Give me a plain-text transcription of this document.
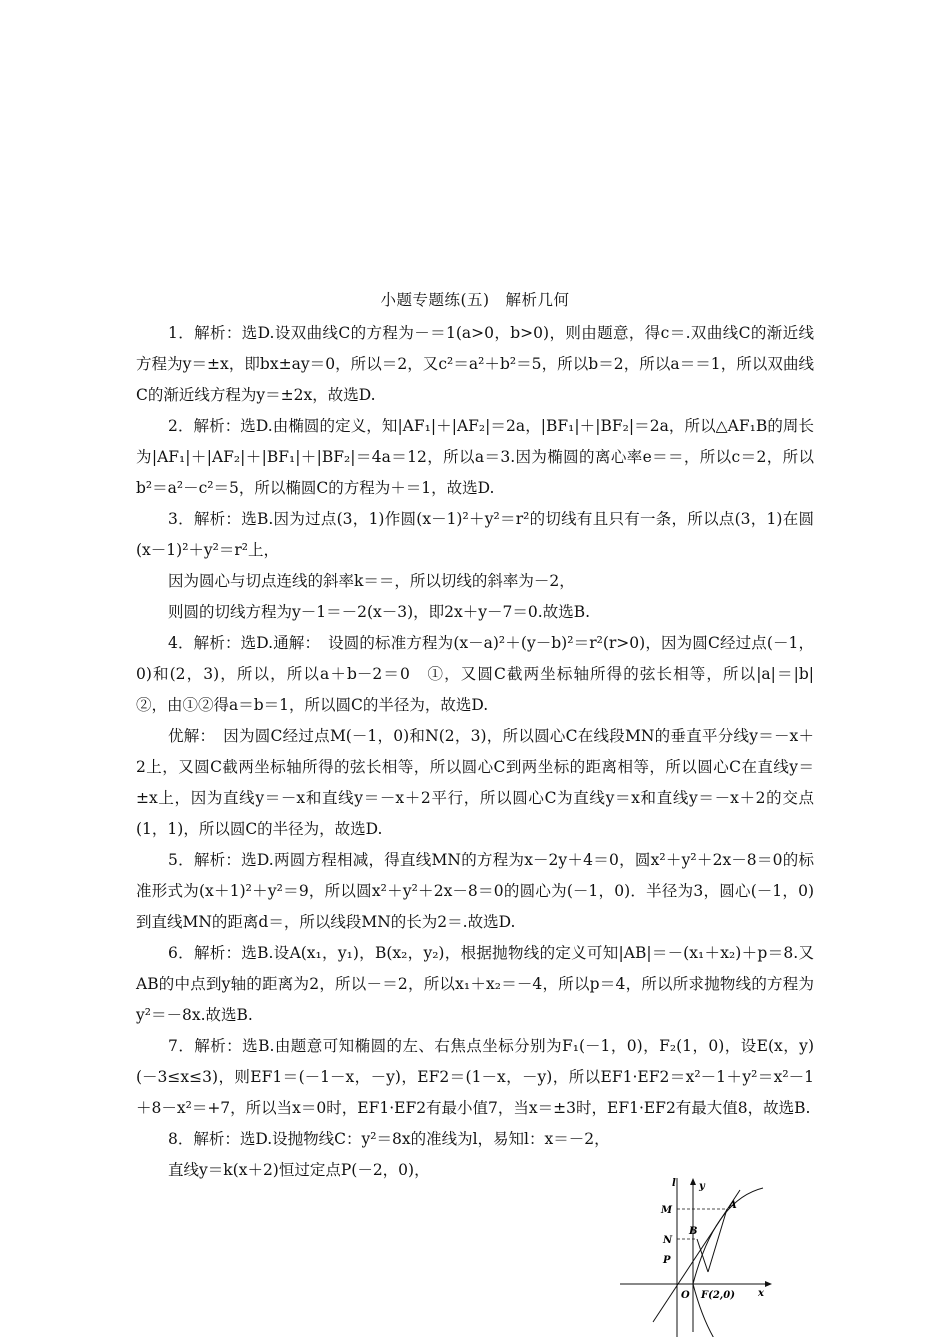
小题专题练(五)　解析几何

1．解析：选D.设双曲线C的方程为－＝1(a>0，b>0)，则由题意，得c＝.双曲线C的渐近线方程为y＝±x，即bx±ay＝0，所以＝2，又c²＝a²＋b²＝5，所以b＝2，所以a＝＝1，所以双曲线C的渐近线方程为y＝±2x，故选D.

2．解析：选D.由椭圆的定义，知|AF₁|＋|AF₂|＝2a，|BF₁|＋|BF₂|＝2a，所以△AF₁B的周长为|AF₁|＋|AF₂|＋|BF₁|＋|BF₂|＝4a＝12，所以a＝3.因为椭圆的离心率e＝＝，所以c＝2，所以b²＝a²－c²＝5，所以椭圆C的方程为＋＝1，故选D.

3．解析：选B.因为过点(3，1)作圆(x－1)²＋y²＝r²的切线有且只有一条，所以点(3，1)在圆(x－1)²＋y²＝r²上，

因为圆心与切点连线的斜率k＝＝，所以切线的斜率为－2，

则圆的切线方程为y－1＝－2(x－3)，即2x＋y－7＝0.故选B.

4．解析：选D.通解：　设圆的标准方程为(x－a)²＋(y－b)²＝r²(r>0)，因为圆C经过点(－1，0)和(2，3)，所以，所以a＋b－2＝0　①，又圆C截两坐标轴所得的弦长相等，所以|a|＝|b|　②，由①②得a＝b＝1，所以圆C的半径为，故选D.

优解：　因为圆C经过点M(－1，0)和N(2，3)，所以圆心C在线段MN的垂直平分线y＝－x＋2上，又圆C截两坐标轴所得的弦长相等，所以圆心C到两坐标的距离相等，所以圆心C在直线y＝±x上，因为直线y＝－x和直线y＝－x＋2平行，所以圆心C为直线y＝x和直线y＝－x＋2的交点(1，1)，所以圆C的半径为，故选D.

5．解析：选D.两圆方程相减，得直线MN的方程为x－2y＋4＝0，圆x²＋y²＋2x－8＝0的标准形式为(x＋1)²＋y²＝9，所以圆x²＋y²＋2x－8＝0的圆心为(－1，0)．半径为3，圆心(－1，0)到直线MN的距离d＝，所以线段MN的长为2＝.故选D.

6．解析：选B.设A(x₁，y₁)，B(x₂，y₂)，根据抛物线的定义可知|AB|＝－(x₁＋x₂)＋p＝8.又AB的中点到y轴的距离为2，所以－＝2，所以x₁＋x₂＝－4，所以p＝4，所以所求抛物线的方程为y²＝－8x.故选B.

7．解析：选B.由题意可知椭圆的左、右焦点坐标分别为F₁(－1，0)，F₂(1，0)，设E(x，y)(－3≤x≤3)，则EF1＝(－1－x，－y)，EF2＝(1－x，－y)，所以EF1·EF2＝x²－1＋y²＝x²－1＋8－x²＝+7，所以当x＝0时，EF1·EF2有最小值7，当x＝±3时，EF1·EF2有最大值8，故选B.

8．解析：选D.设抛物线C：y²＝8x的准线为l，易知l：x＝－2，

直线y＝k(x＋2)恒过定点P(－2，0)，

l y
M	A
B
N
P
O F(2,0) x
